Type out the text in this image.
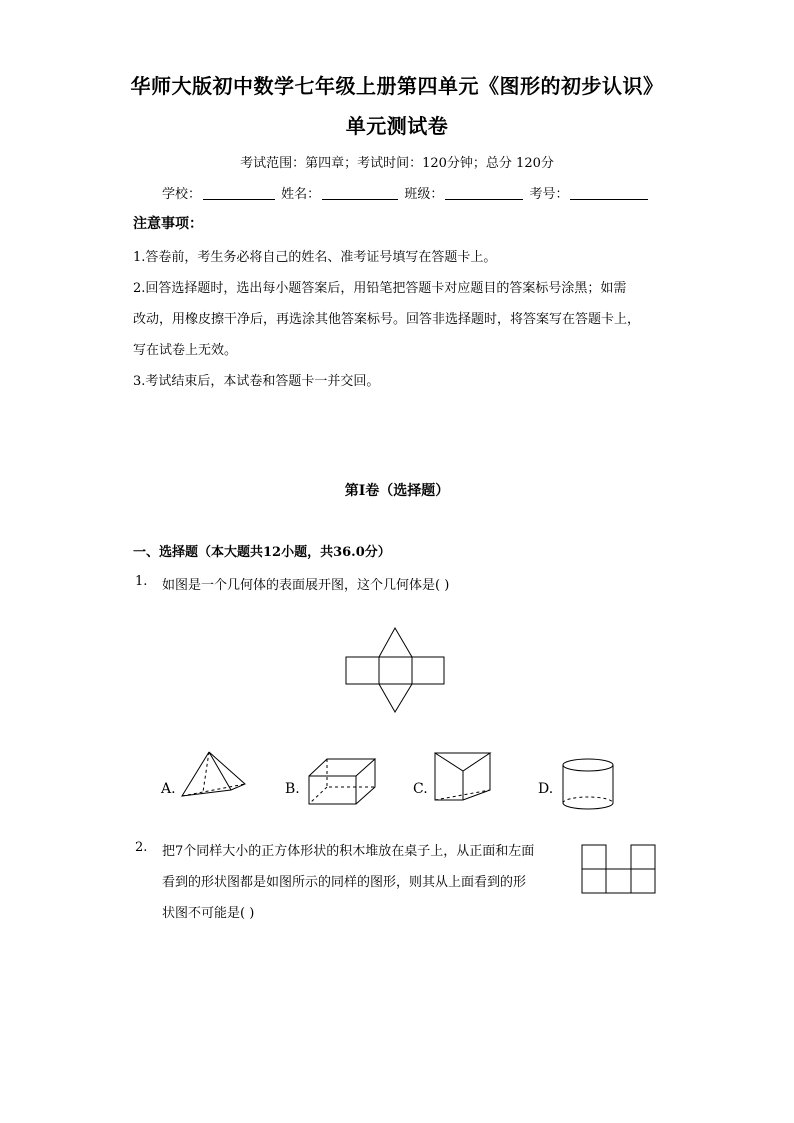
华师大版初中数学七年级上册第四单元《图形的初步认识》
单元测试卷
考试范围：第四章；考试时间：120分钟；总分 120分
学校：	姓名：	班级：	考号：
注意事项：
1.答卷前，考生务必将自己的姓名、准考证号填写在答题卡上。
2.回答选择题时，选出每小题答案后，用铅笔把答题卡对应题目的答案标号涂黑；如需
改动，用橡皮擦干净后，再选涂其他答案标号。回答非选择题时，将答案写在答题卡上，
写在试卷上无效。
3.考试结束后，本试卷和答题卡一并交回。
第I卷（选择题）
一、选择题（本大题共12小题，共36.0分）
1. 如图是一个几何体的表面展开图，这个几何体是( )
A.	B.	C.	D.
2. 把7个同样大小的正方体形状的积木堆放在桌子上，从正面和左面
看到的形状图都是如图所示的同样的图形，则其从上面看到的形
状图不可能是( )
